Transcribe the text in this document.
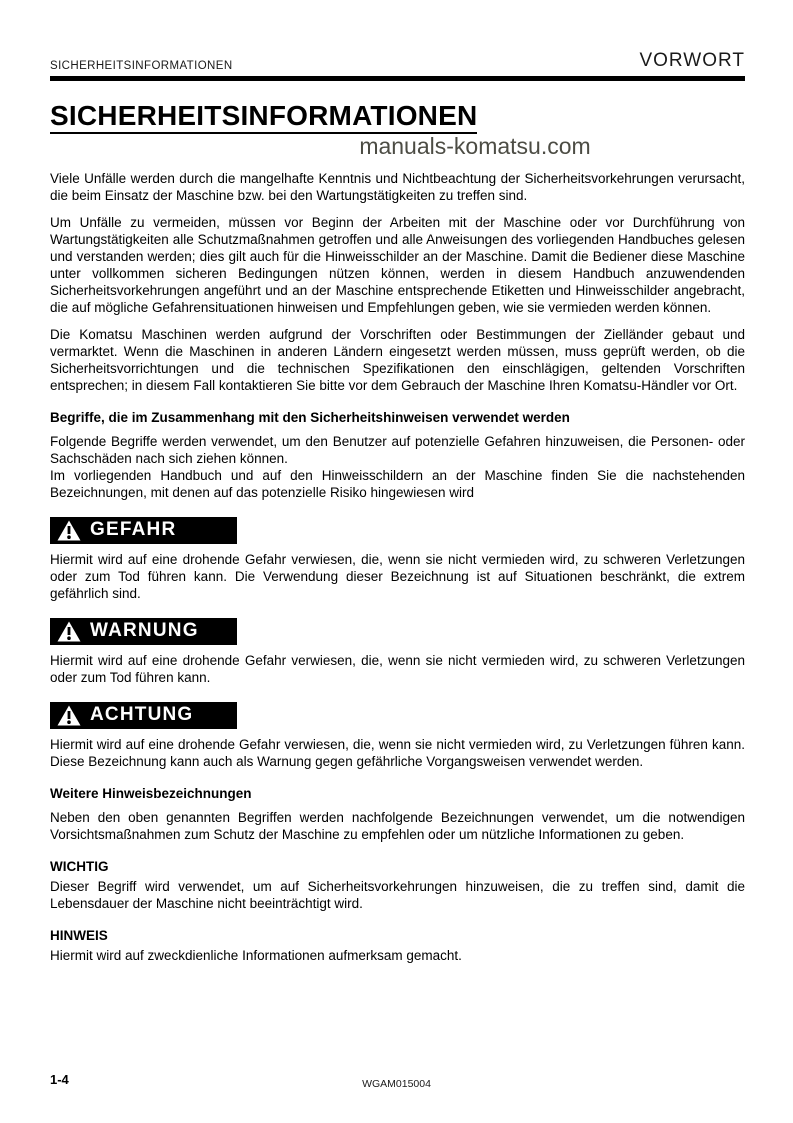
SICHERHEITSINFORMATIONEN	VORWORT
SICHERHEITSINFORMATIONEN
manuals-komatsu.com

Viele Unfälle werden durch die mangelhafte Kenntnis und Nichtbeachtung der Sicherheitsvorkehrungen verursacht, die beim Einsatz der Maschine bzw. bei den Wartungstätigkeiten zu treffen sind.

Um Unfälle zu vermeiden, müssen vor Beginn der Arbeiten mit der Maschine oder vor Durchführung von Wartungstätigkeiten alle Schutzmaßnahmen getroffen und alle Anweisungen des vorliegenden Handbuches gelesen und verstanden werden; dies gilt auch für die Hinweisschilder an der Maschine. Damit die Bediener diese Maschine unter vollkommen sicheren Bedingungen nützen können, werden in diesem Handbuch anzuwendenden Sicherheitsvorkehrungen angeführt und an der Maschine entsprechende Etiketten und Hinweisschilder angebracht, die auf mögliche Gefahrensituationen hinweisen und Empfehlungen geben, wie sie vermieden werden können.

Die Komatsu Maschinen werden aufgrund der Vorschriften oder Bestimmungen der Zielländer gebaut und vermarktet. Wenn die Maschinen in anderen Ländern eingesetzt werden müssen, muss geprüft werden, ob die Sicherheitsvorrichtungen und die technischen Spezifikationen den einschlägigen, geltenden Vorschriften entsprechen; in diesem Fall kontaktieren Sie bitte vor dem Gebrauch der Maschine Ihren Komatsu-Händler vor Ort.

Begriffe, die im Zusammenhang mit den Sicherheitshinweisen verwendet werden

Folgende Begriffe werden verwendet, um den Benutzer auf potenzielle Gefahren hinzuweisen, die Personen- oder Sachschäden nach sich ziehen können.

Im vorliegenden Handbuch und auf den Hinweisschildern an der Maschine finden Sie die nachstehenden Bezeichnungen, mit denen auf das potenzielle Risiko hingewiesen wird

GEFAHR

Hiermit wird auf eine drohende Gefahr verwiesen, die, wenn sie nicht vermieden wird, zu schweren Verletzungen oder zum Tod führen kann. Die Verwendung dieser Bezeichnung ist auf Situationen beschränkt, die extrem gefährlich sind.

WARNUNG

Hiermit wird auf eine drohende Gefahr verwiesen, die, wenn sie nicht vermieden wird, zu schweren Verletzungen oder zum Tod führen kann.

ACHTUNG

Hiermit wird auf eine drohende Gefahr verwiesen, die, wenn sie nicht vermieden wird, zu Verletzungen führen kann. Diese Bezeichnung kann auch als Warnung gegen gefährliche Vorgangsweisen verwendet werden.

Weitere Hinweisbezeichnungen

Neben den oben genannten Begriffen werden nachfolgende Bezeichnungen verwendet, um die notwendigen Vorsichtsmaßnahmen zum Schutz der Maschine zu empfehlen oder um nützliche Informationen zu geben.

WICHTIG

Dieser Begriff wird verwendet, um auf Sicherheitsvorkehrungen hinzuweisen, die zu treffen sind, damit die Lebensdauer der Maschine nicht beeinträchtigt wird.

HINWEIS

Hiermit wird auf zweckdienliche Informationen aufmerksam gemacht.

1-4	WGAM015004
